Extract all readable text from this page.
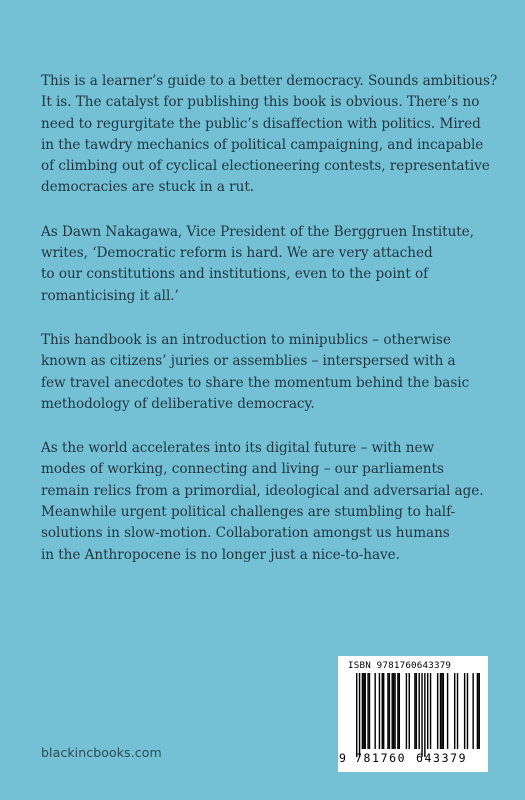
This is a learner’s guide to a better democracy. Sounds ambitious?
It is. The catalyst for publishing this book is obvious. There’s no
need to regurgitate the public’s disaffection with politics. Mired
in the tawdry mechanics of political campaigning, and incapable
of climbing out of cyclical electioneering contests, representative
democracies are stuck in a rut.

As Dawn Nakagawa, Vice President of the Berggruen Institute,
writes, ‘Democratic reform is hard. We are very attached
to our constitutions and institutions, even to the point of
romanticising it all.’

This handbook is an introduction to minipublics – otherwise
known as citizens’ juries or assemblies – interspersed with a
few travel anecdotes to share the momentum behind the basic
methodology of deliberative democracy.

As the world accelerates into its digital future – with new
modes of working, connecting and living – our parliaments
remain relics from a primordial, ideological and adversarial age.
Meanwhile urgent political challenges are stumbling to half-
solutions in slow-motion. Collaboration amongst us humans
in the Anthropocene is no longer just a nice-to-have.

blackincbooks.com
ISBN 9781760643379
9 781760 643379
